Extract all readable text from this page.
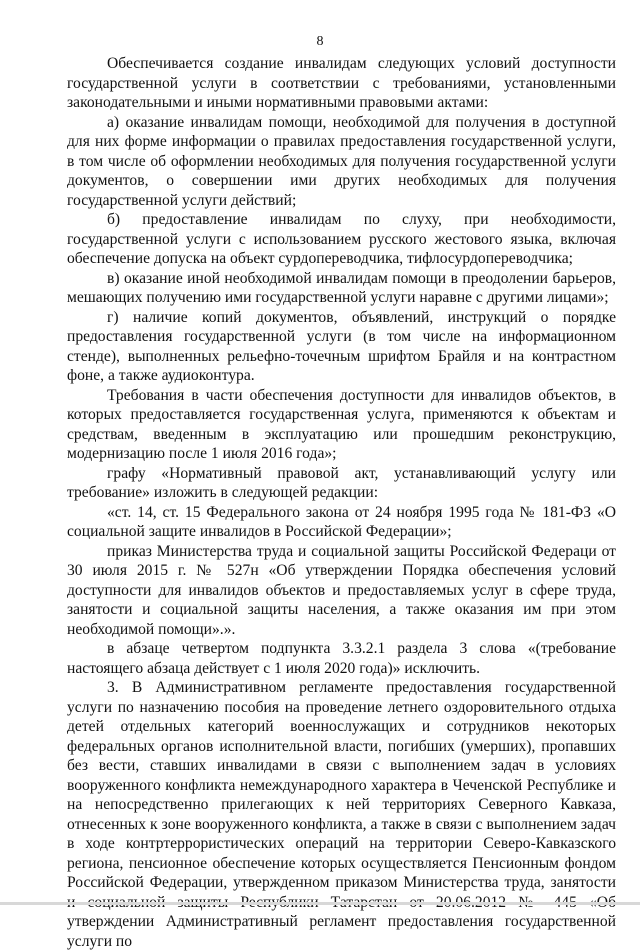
8

Обеспечивается создание инвалидам следующих условий доступности государственной услуги в соответствии с требованиями, установленными законодательными и иными нормативными правовыми актами:

а) оказание инвалидам помощи, необходимой для получения в доступной для них форме информации о правилах предоставления государственной услуги, в том числе об оформлении необходимых для получения государственной услуги документов, о совершении ими других необходимых для получения государственной услуги действий;

б) предоставление инвалидам по слуху, при необходимости, государственной услуги с использованием русского жестового языка, включая обеспечение допуска на объект сурдопереводчика, тифлосурдопереводчика;

в) оказание иной необходимой инвалидам помощи в преодолении барьеров, мешающих получению ими государственной услуги наравне с другими лицами»;

г) наличие копий документов, объявлений, инструкций о порядке предоставления государственной услуги (в том числе на информационном стенде), выполненных рельефно-точечным шрифтом Брайля и на контрастном фоне, а также аудиоконтура.

Требования в части обеспечения доступности для инвалидов объектов, в которых предоставляется государственная услуга, применяются к объектам и средствам, введенным в эксплуатацию или прошедшим реконструкцию, модернизацию после 1 июля 2016 года»;

графу «Нормативный правовой акт, устанавливающий услугу или требование» изложить в следующей редакции:

«ст. 14, ст. 15 Федерального закона от 24 ноября 1995 года № 181-ФЗ «О социальной защите инвалидов в Российской Федерации»;

приказ Министерства труда и социальной защиты Российской Федераци от 30 июля 2015 г. № 527н «Об утверждении Порядка обеспечения условий доступности для инвалидов объектов и предоставляемых услуг в сфере труда, занятости и социальной защиты населения, а также оказания им при этом необходимой помощи».».

в абзаце четвертом подпункта 3.3.2.1 раздела 3 слова «(требование настоящего абзаца действует с 1 июля 2020 года)» исключить.

3. В Административном регламенте предоставления государственной услуги по назначению пособия на проведение летнего оздоровительного отдыха детей отдельных категорий военнослужащих и сотрудников некоторых федеральных органов исполнительной власти, погибших (умерших), пропавших без вести, ставших инвалидами в связи с выполнением задач в условиях вооруженного конфликта немеждународного характера в Чеченской Республике и на непосредственно прилегающих к ней территориях Северного Кавказа, отнесенных к зоне вооруженного конфликта, а также в связи с выполнением задач в ходе контртеррористических операций на территории Северо-Кавказского региона, пенсионное обеспечение которых осуществляется Пенсионным фондом Российской Федерации, утвержденном приказом Министерства труда, занятости утверждении Административный регламент предоставления государственной услуги по
